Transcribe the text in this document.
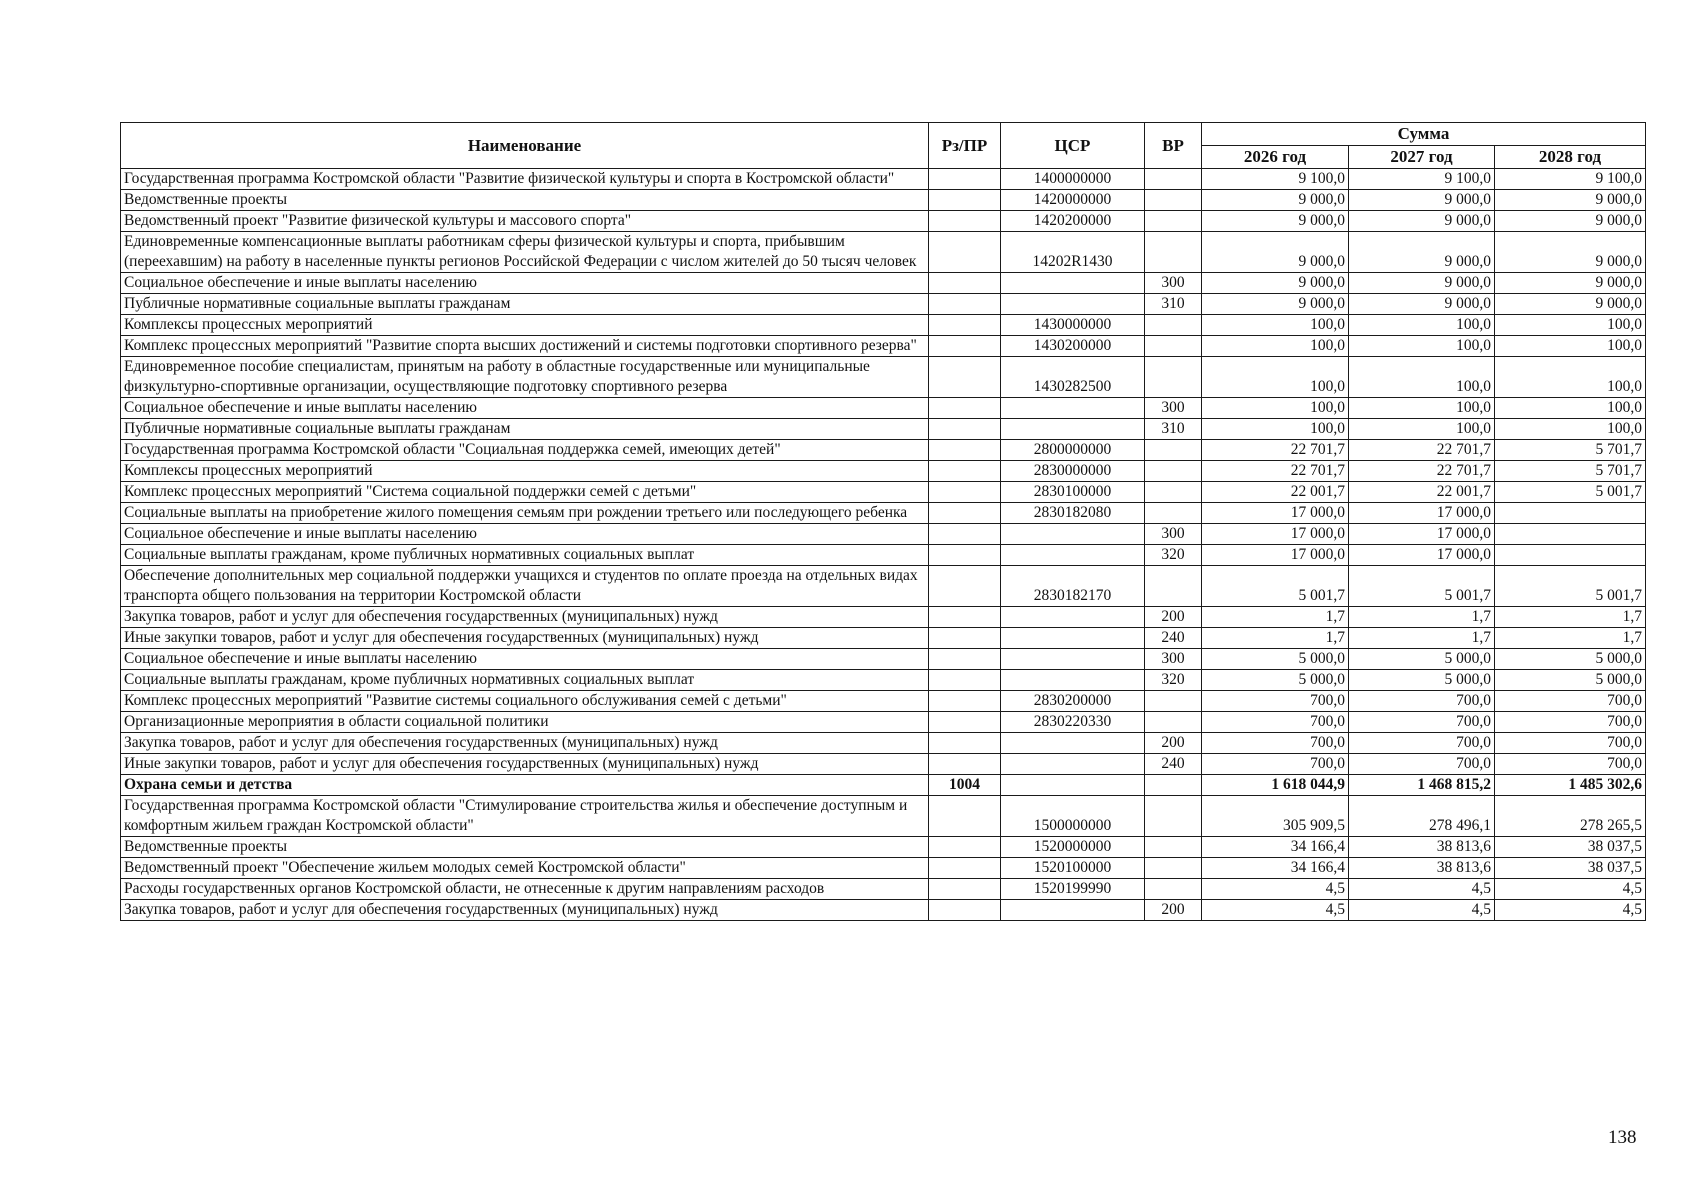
Наименование	Рз/ПР	ЦСР	ВР	Сумма		
				2026 год	2027 год	2028 год
Государственная программа Костромской области "Развитие физической культуры и спорта в Костромской области"		1400000000		9 100,0	9 100,0	9 100,0
Ведомственные проекты		1420000000		9 000,0	9 000,0	9 000,0
Ведомственный проект "Развитие физической культуры и массового спорта"		1420200000		9 000,0	9 000,0	9 000,0
Единовременные компенсационные выплаты работникам сферы физической культуры и спорта, прибывшим (переехавшим) на работу в населенные пункты регионов Российской Федерации с числом жителей до 50 тысяч человек		14202R1430		9 000,0	9 000,0	9 000,0
Социальное обеспечение и иные выплаты населению			300	9 000,0	9 000,0	9 000,0
Публичные нормативные социальные выплаты гражданам			310	9 000,0	9 000,0	9 000,0
Комплексы процессных мероприятий		1430000000		100,0	100,0	100,0
Комплекс процессных мероприятий "Развитие спорта высших достижений и системы подготовки спортивного резерва"		1430200000		100,0	100,0	100,0
Единовременное пособие специалистам, принятым на работу в областные государственные или муниципальные физкультурно-спортивные организации, осуществляющие подготовку спортивного резерва		1430282500		100,0	100,0	100,0
Социальное обеспечение и иные выплаты населению			300	100,0	100,0	100,0
Публичные нормативные социальные выплаты гражданам			310	100,0	100,0	100,0
Государственная программа Костромской области "Социальная поддержка семей, имеющих детей"		2800000000		22 701,7	22 701,7	5 701,7
Комплексы процессных мероприятий		2830000000		22 701,7	22 701,7	5 701,7
Комплекс процессных мероприятий "Система социальной поддержки семей с детьми"		2830100000		22 001,7	22 001,7	5 001,7
Социальные выплаты на приобретение жилого помещения семьям при рождении третьего или последующего ребенка		2830182080		17 000,0	17 000,0	
Социальное обеспечение и иные выплаты населению			300	17 000,0	17 000,0	
Социальные выплаты гражданам, кроме публичных нормативных социальных выплат			320	17 000,0	17 000,0	
Обеспечение дополнительных мер социальной поддержки учащихся и студентов по оплате проезда на отдельных видах транспорта общего пользования на территории Костромской области		2830182170		5 001,7	5 001,7	5 001,7
Закупка товаров, работ и услуг для обеспечения государственных (муниципальных) нужд			200	1,7	1,7	1,7
Иные закупки товаров, работ и услуг для обеспечения государственных (муниципальных) нужд			240	1,7	1,7	1,7
Социальное обеспечение и иные выплаты населению			300	5 000,0	5 000,0	5 000,0
Социальные выплаты гражданам, кроме публичных нормативных социальных выплат			320	5 000,0	5 000,0	5 000,0
Комплекс процессных мероприятий "Развитие системы социального обслуживания семей с детьми"		2830200000		700,0	700,0	700,0
Организационные мероприятия в области социальной политики		2830220330		700,0	700,0	700,0
Закупка товаров, работ и услуг для обеспечения государственных (муниципальных) нужд			200	700,0	700,0	700,0
Иные закупки товаров, работ и услуг для обеспечения государственных (муниципальных) нужд			240	700,0	700,0	700,0
Охрана семьи и детства	1004			1 618 044,9	1 468 815,2	1 485 302,6
Государственная программа Костромской области "Стимулирование строительства жилья и обеспечение доступным и комфортным жильем граждан Костромской области"		1500000000		305 909,5	278 496,1	278 265,5
Ведомственные проекты		1520000000		34 166,4	38 813,6	38 037,5
Ведомственный проект "Обеспечение жильем молодых семей Костромской области"		1520100000		34 166,4	38 813,6	38 037,5
Расходы государственных органов Костромской области, не отнесенные к другим направлениям расходов		1520199990		4,5	4,5	4,5
Закупка товаров, работ и услуг для обеспечения государственных (муниципальных) нужд			200	4,5	4,5	4,5
138
